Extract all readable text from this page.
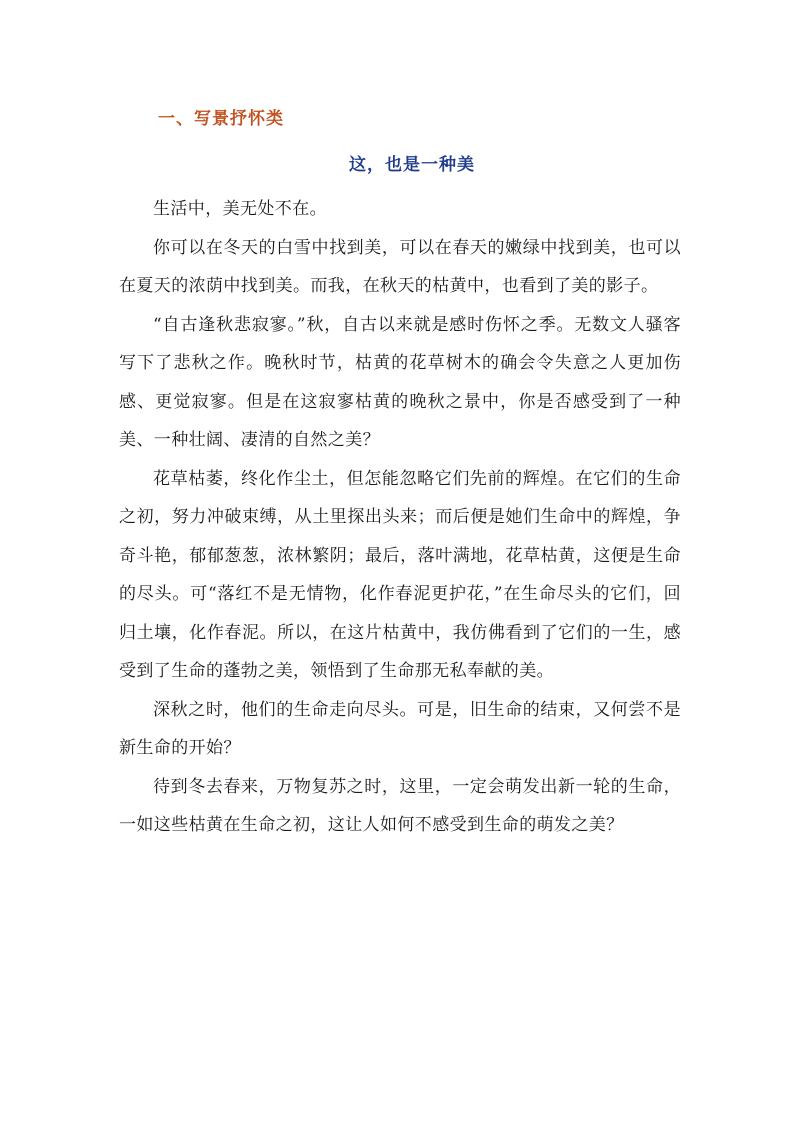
一、写景抒怀类
这，也是一种美

生活中，美无处不在。

你可以在冬天的白雪中找到美，可以在春天的嫩绿中找到美，也可以在夏天的浓荫中找到美。而我，在秋天的枯黄中，也看到了美的影子。

“自古逢秋悲寂寥。”秋，自古以来就是感时伤怀之季。无数文人骚客写下了悲秋之作。晚秋时节，枯黄的花草树木的确会令失意之人更加伤感、更觉寂寥。但是在这寂寥枯黄的晚秋之景中，你是否感受到了一种美、一种壮阔、凄清的自然之美？

花草枯萎，终化作尘土，但怎能忽略它们先前的辉煌。在它们的生命之初，努力冲破束缚，从土里探出头来；而后便是她们生命中的辉煌，争奇斗艳，郁郁葱葱，浓林繁阴；最后，落叶满地，花草枯黄，这便是生命的尽头。可“落红不是无情物，化作春泥更护花，”在生命尽头的它们，回归土壤，化作春泥。所以，在这片枯黄中，我仿佛看到了它们的一生，感受到了生命的蓬勃之美，领悟到了生命那无私奉献的美。

深秋之时，他们的生命走向尽头。可是，旧生命的结束，又何尝不是新生命的开始？

待到冬去春来，万物复苏之时，这里，一定会萌发出新一轮的生命，一如这些枯黄在生命之初，这让人如何不感受到生命的萌发之美？
